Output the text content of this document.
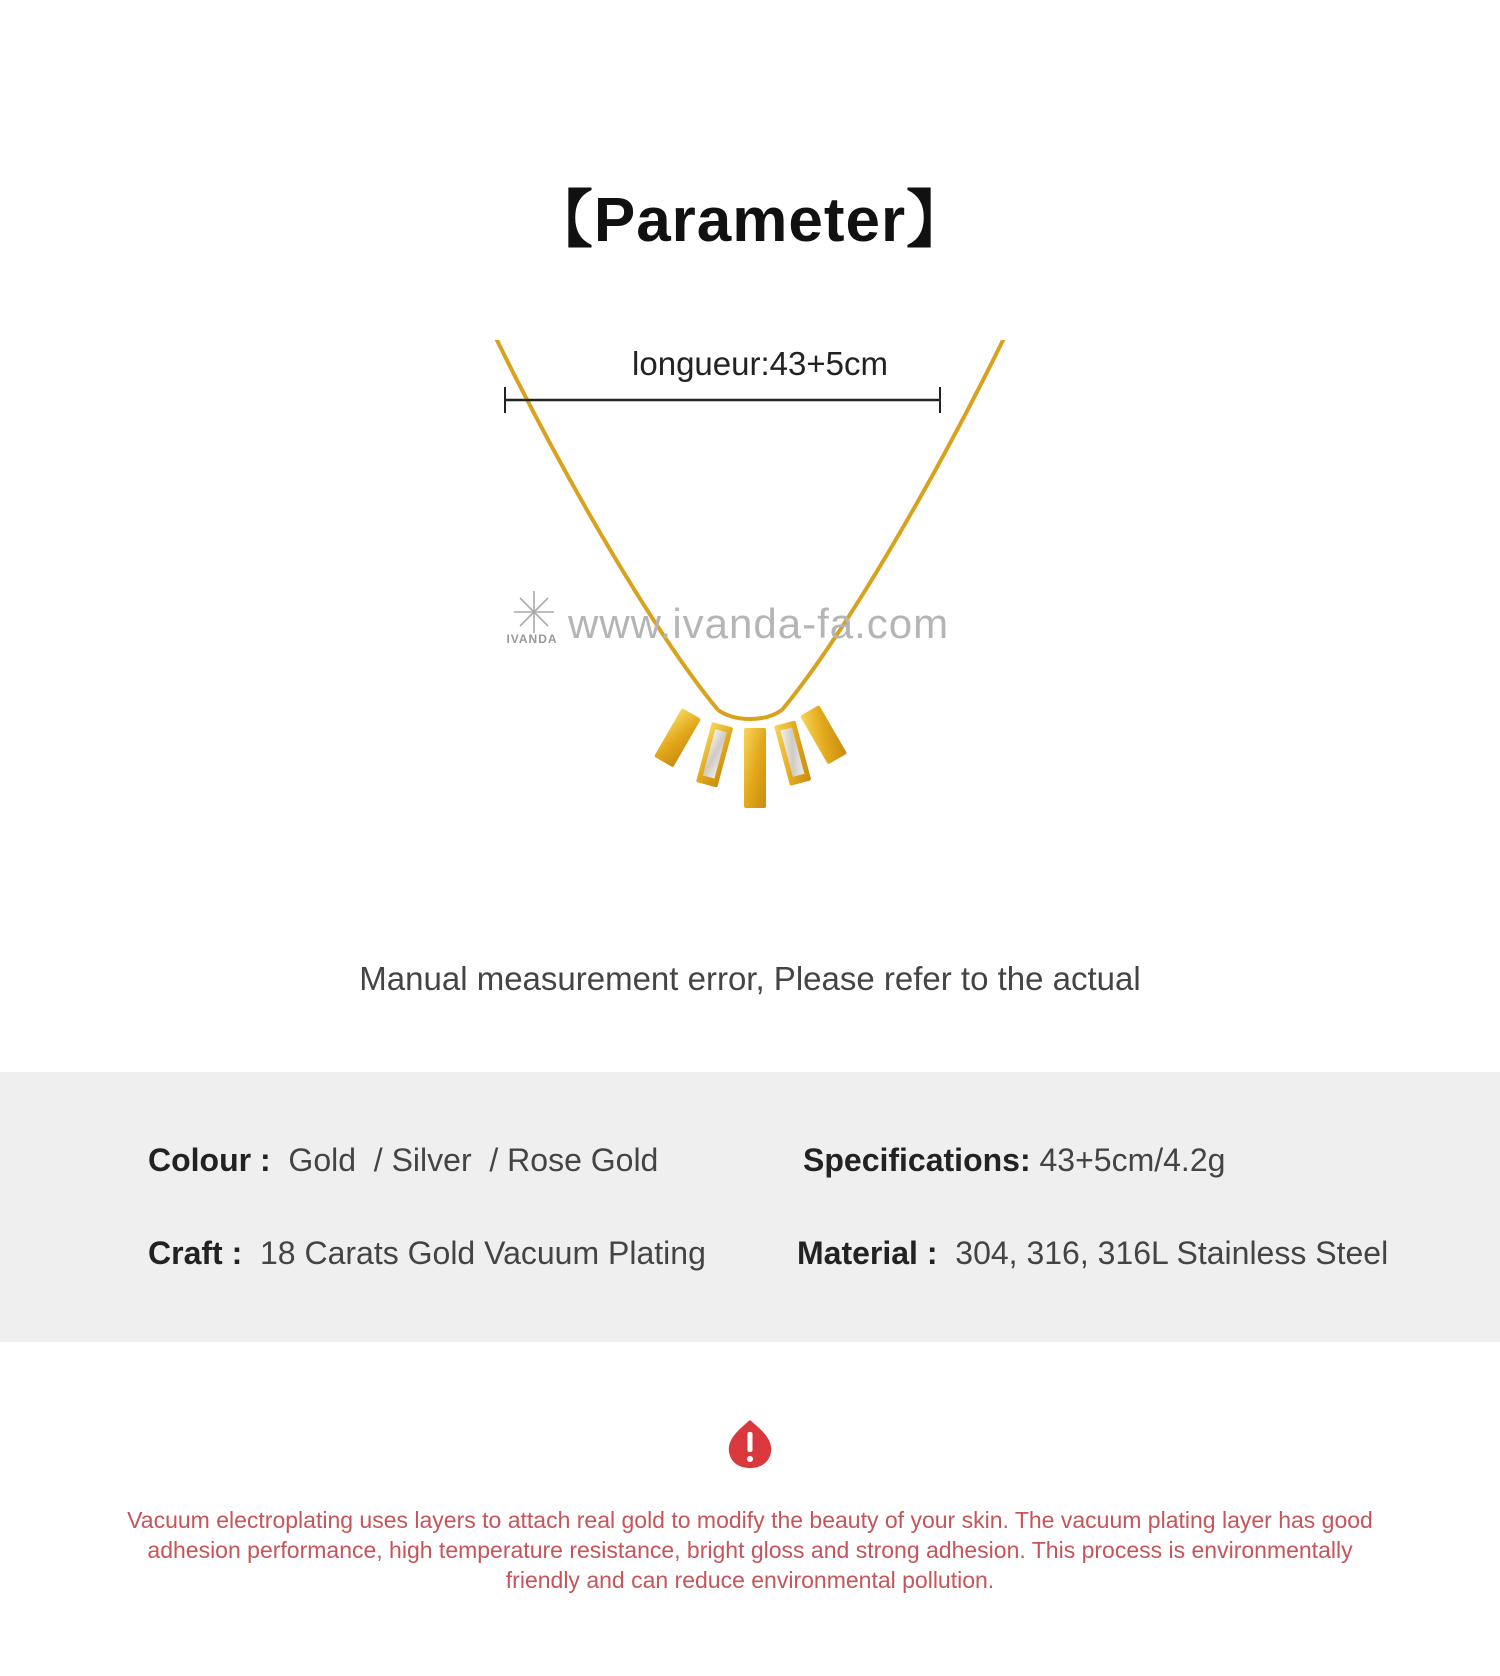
【Parameter】
longueur:43+5cm
IVANDA www.ivanda-fa.com
Manual measurement error, Please refer to the actual
Colour : Gold  / Silver  / Rose Gold	Specifications: 43+5cm/4.2g
Craft : 18 Carats Gold Vacuum Plating	Material : 304, 316, 316L Stainless Steel
Vacuum electroplating uses layers to attach real gold to modify the beauty of your skin. The vacuum plating layer has good adhesion performance, high temperature resistance, bright gloss and strong adhesion. This process is environmentally friendly and can reduce environmental pollution.
